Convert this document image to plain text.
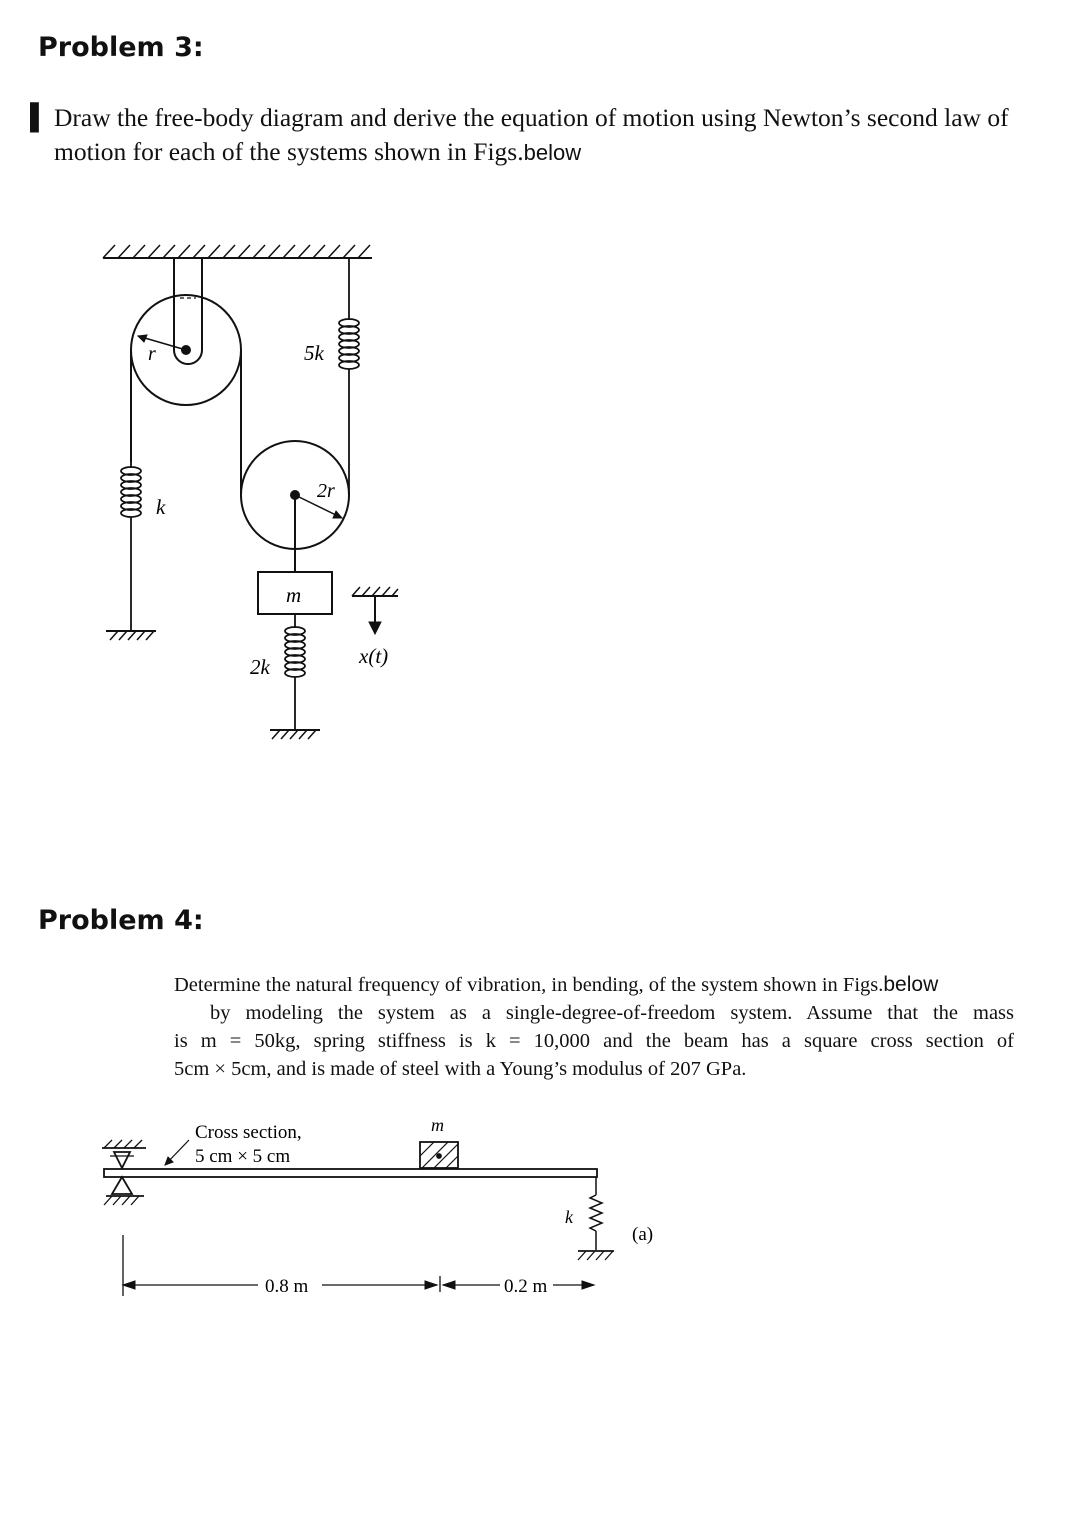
Problem 3:
▌ Draw the free-body diagram and derive the equation of motion using Newton’s second law of motion for each of the systems shown in Figs.below
r	5k
k
2r
m
2k	x(t)
Problem 4:
Determine the natural frequency of vibration, in bending, of the system shown in Figs.below
by modeling the system as a single-degree-of-freedom system. Assume that the mass
is m = 50kg, spring stiffness is k = 10,000 and the beam has a square cross section of
5cm × 5cm, and is made of steel with a Young’s modulus of 207 GPa.
Cross section,
5 cm × 5 cm
m
k
(a)
0.8 m	0.2 m
